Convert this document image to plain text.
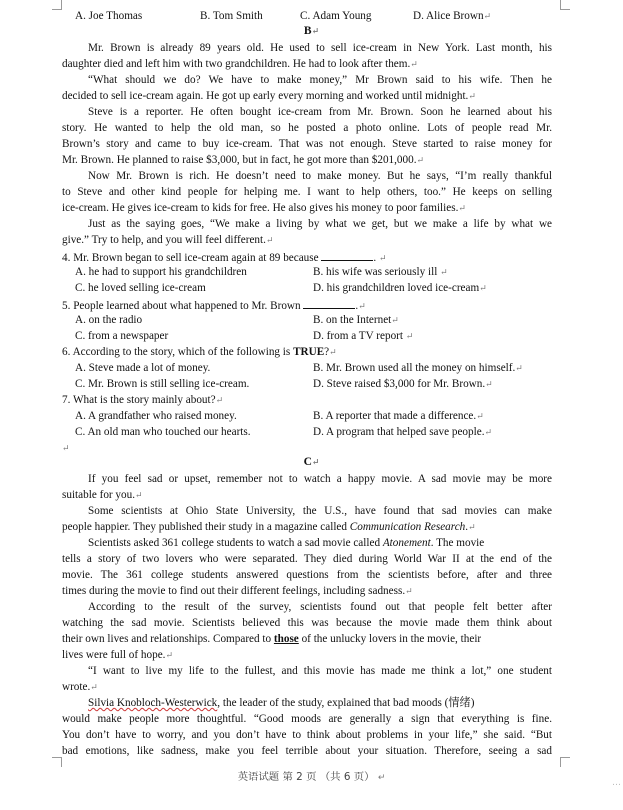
A. Joe Thomas	B. Tom Smith	C. Adam Young	D. Alice Brown↵
B↵
Mr. Brown is already 89 years old. He used to sell ice-cream in New York. Last month, his
daughter died and left him with two grandchildren. He had to look after them.↵
“What should we do? We have to make money,” Mr Brown said to his wife. Then he
decided to sell ice-cream again. He got up early every morning and worked until midnight.↵
Steve is a reporter. He often bought ice-cream from Mr. Brown. Soon he learned about his
story. He wanted to help the old man, so he posted a photo online. Lots of people read Mr.
Brown’s story and came to buy ice-cream. That was not enough. Steve started to raise money for
Mr. Brown. He planned to raise $3,000, but in fact, he got more than $201,000.↵
Now Mr. Brown is rich. He doesn’t need to make money. But he says, “I’m really thankful
to Steve and other kind people for helping me. I want to help others, too.” He keeps on selling
ice-cream. He gives ice-cream to kids for free. He also gives his money to poor families.↵
Just as the saying goes, “We make a living by what we get, but we make a life by what we
give.” Try to help, and you will feel different.↵
4. Mr. Brown began to sell ice-cream again at 89 because	. ↵
A. he had to support his grandchildren	B. his wife was seriously ill ↵
C. he loved selling ice-cream	D. his grandchildren loved ice-cream↵
5. People learned about what happened to Mr. Brown	.↵
A. on the radio	B. on the Internet↵
C. from a newspaper	D. from a TV report ↵
6. According to the story, which of the following is TRUE?↵
A. Steve made a lot of money.	B. Mr. Brown used all the money on himself.↵
C. Mr. Brown is still selling ice-cream.	D. Steve raised $3,000 for Mr. Brown.↵
7. What is the story mainly about?↵
A. A grandfather who raised money.	B. A reporter that made a difference.↵
C. An old man who touched our hearts.	D. A program that helped save people.↵
↵
C↵
If you feel sad or upset, remember not to watch a happy movie. A sad movie may be more
suitable for you.↵
Some scientists at Ohio State University, the U.S., have found that sad movies can make
people happier. They published their study in a magazine called Communication Research.↵
Scientists asked 361 college students to watch a sad movie called Atonement. The movie
tells a story of two lovers who were separated. They died during World War II at the end of the
movie. The 361 college students answered questions from the scientists before, after and three
times during the movie to find out their different feelings, including sadness.↵
According to the result of the survey, scientists found out that people felt better after
watching the sad movie. Scientists believed this was because the movie made them think about
their own lives and relationships. Compared to those of the unlucky lovers in the movie, their
lives were full of hope.↵
“I want to live my life to the fullest, and this movie has made me think a lot,” one student
wrote.↵
Silvia Knobloch-Westerwick, the leader of the study, explained that bad moods (情绪)
would make people more thoughtful. “Good moods are generally a sign that everything is fine.
You don’t have to worry, and you don’t have to think about problems in your life,” she said. “But
bad emotions, like sadness, make you feel terrible about your situation. Therefore, seeing a sad
英语试题 第 2 页 （共 6 页） ↵	…
